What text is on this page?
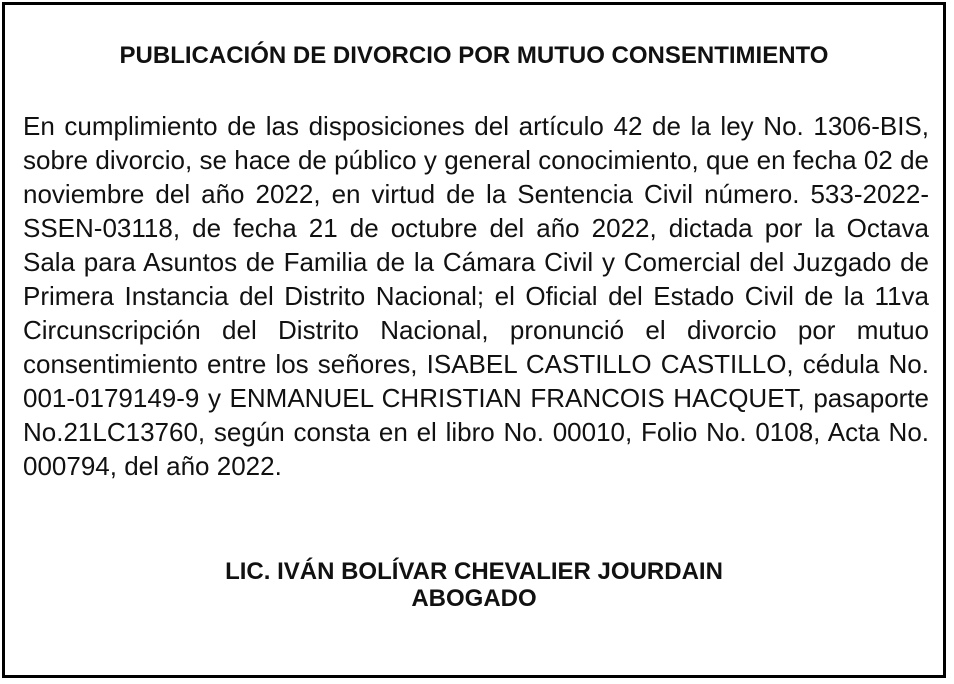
PUBLICACIÓN DE DIVORCIO POR MUTUO CONSENTIMIENTO

En cumplimiento de las disposiciones del artículo 42 de la ley No. 1306-BIS, sobre divorcio, se hace de público y general conocimiento, que en fecha 02 de noviembre del año 2022, en virtud de la Sentencia Civil número. 533-2022-SSEN-03118, de fecha 21 de octubre del año 2022, dictada por la Octava Sala para Asuntos de Familia de la Cámara Civil y Comercial del Juzgado de Primera Instancia del Distrito Nacional; el Oficial del Estado Civil de la 11va Circunscripción del Distrito Nacional, pronunció el divorcio por mutuo consentimiento entre los señores, ISABEL CASTILLO CASTILLO, cédula No. 001-0179149-9 y ENMANUEL CHRISTIAN FRANCOIS HACQUET, pasaporte No.21LC13760, según consta en el libro No. 00010, Folio No. 0108, Acta No. 000794, del año 2022.

LIC. IVÁN BOLÍVAR CHEVALIER JOURDAIN
ABOGADO
